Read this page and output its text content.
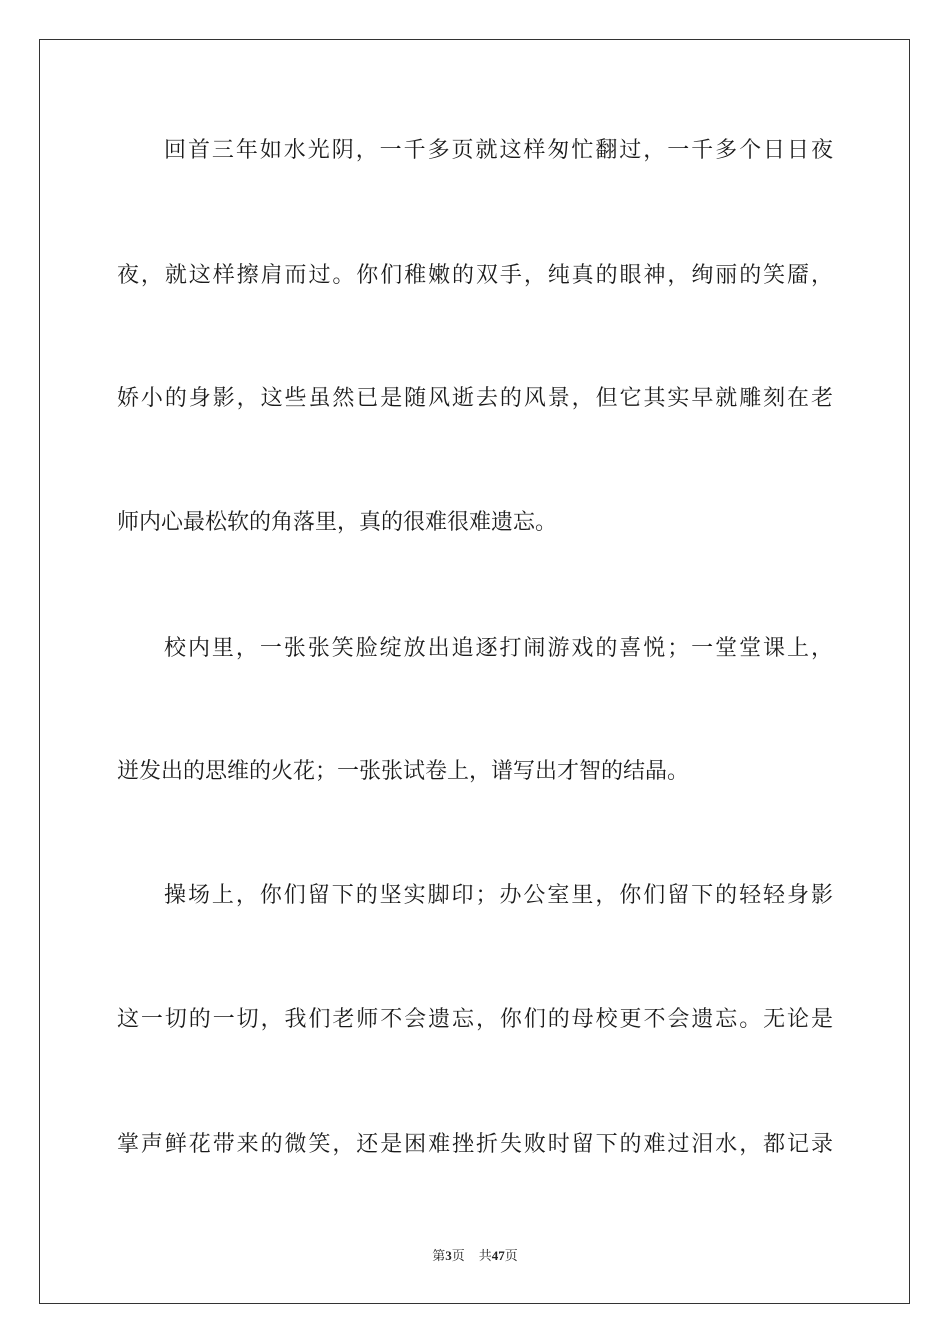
回首三年如水光阴，一千多页就这样匆忙翻过，一千多个日日夜
夜，就这样擦肩而过。你们稚嫩的双手，纯真的眼神，绚丽的笑靥，
娇小的身影，这些虽然已是随风逝去的风景，但它其实早就雕刻在老
师内心最松软的角落里，真的很难很难遗忘。
校内里，一张张笑脸绽放出追逐打闹游戏的喜悦；一堂堂课上，
迸发出的思维的火花；一张张试卷上，谱写出才智的结晶。
操场上，你们留下的坚实脚印；办公室里，你们留下的轻轻身影
这一切的一切，我们老师不会遗忘，你们的母校更不会遗忘。无论是
掌声鲜花带来的微笑，还是困难挫折失败时留下的难过泪水，都记录
第3页 共47页
